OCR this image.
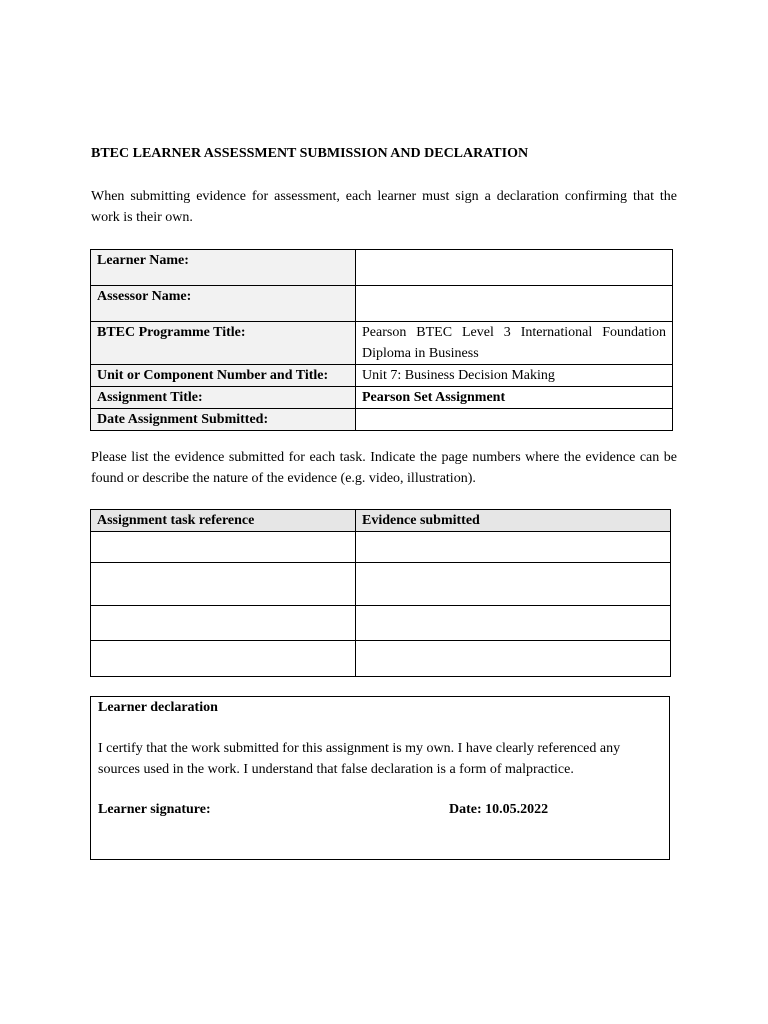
BTEC LEARNER ASSESSMENT SUBMISSION AND DECLARATION

When submitting evidence for assessment, each learner must sign a declaration confirming that the work is their own.

Learner Name:	
Assessor Name:	
BTEC Programme Title:	Pearson BTEC Level 3 International Foundation Diploma in Business
Unit or Component Number and Title:	Unit 7: Business Decision Making
Assignment Title:	Pearson Set Assignment
Date Assignment Submitted:	

Please list the evidence submitted for each task. Indicate the page numbers where the evidence can be found or describe the nature of the evidence (e.g. video, illustration).

Assignment task reference	Evidence submitted

Learner declaration
I certify that the work submitted for this assignment is my own. I have clearly referenced any sources used in the work. I understand that false declaration is a form of malpractice.
Learner signature:	Date: 10.05.2022
